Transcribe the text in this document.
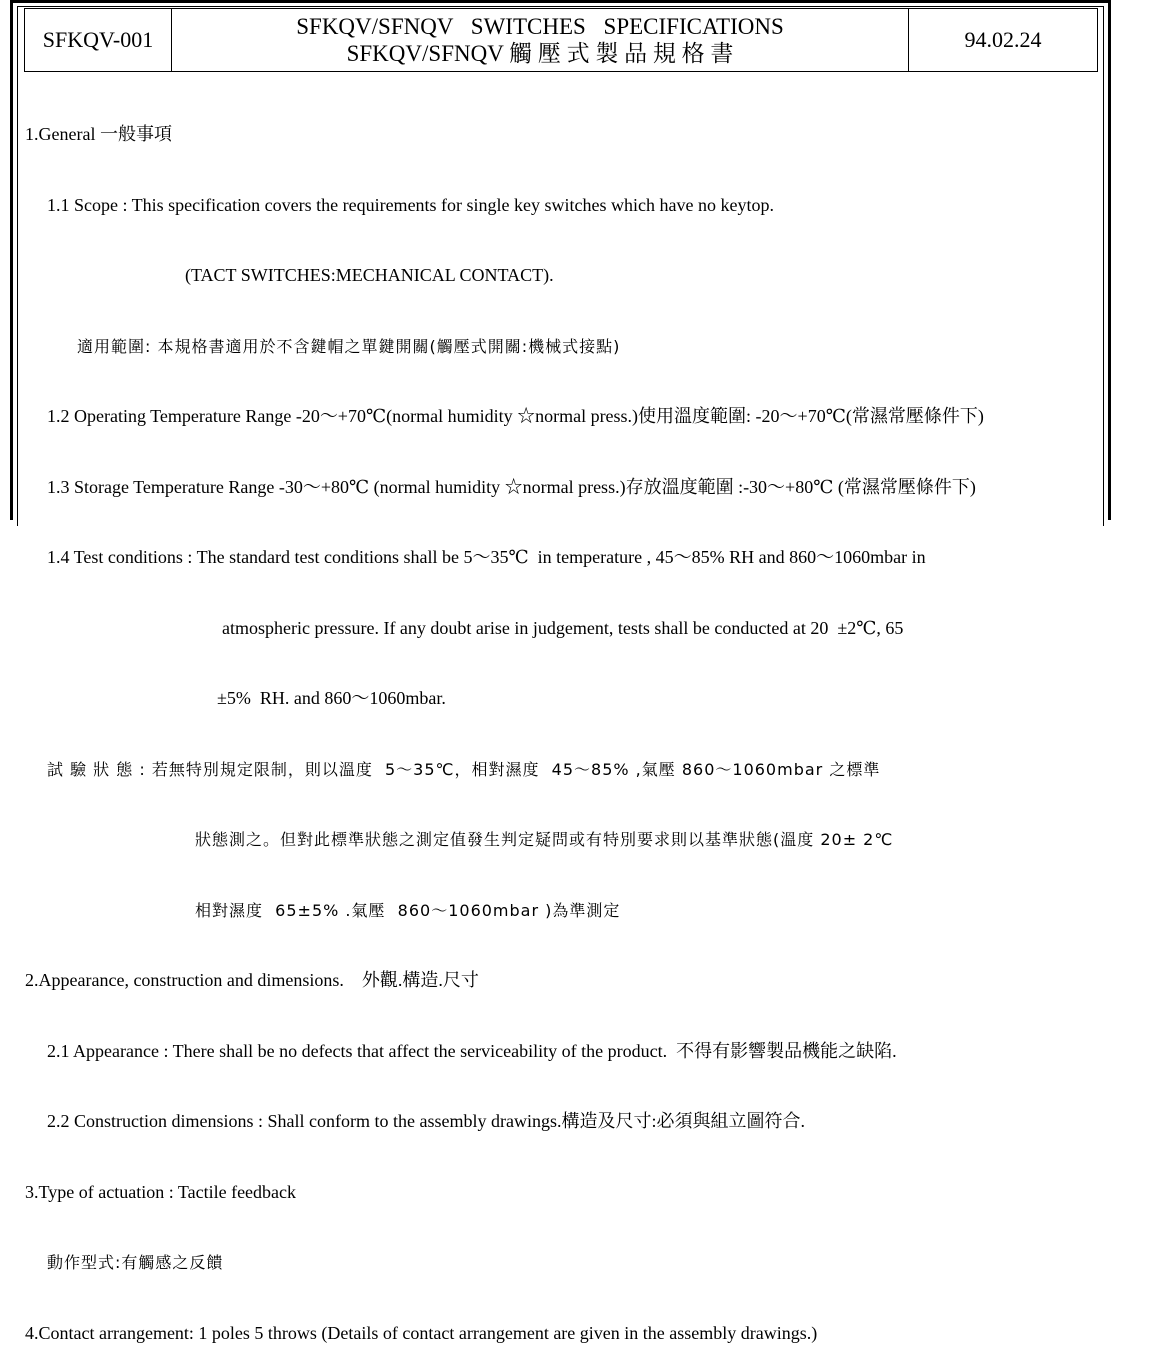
SFKQV-001
SFKQV/SFNQV SWITCHES SPECIFICATIONS
SFKQV/SFNQV 觸 壓 式 製 品 規 格 書
94.02.24

1.General 一般事項

1.1 Scope : This specification covers the requirements for single key switches which have no keytop.

(TACT SWITCHES:MECHANICAL CONTACT).

適用範圍: 本規格書適用於不含鍵帽之單鍵開關(觸壓式開關:機械式接點)

1.2 Operating Temperature Range -20～+70℃(normal humidity ☆normal press.)使用溫度範圍: -20～+70℃(常濕常壓條件下)

1.3 Storage Temperature Range -30～+80℃ (normal humidity ☆normal press.)存放溫度範圍 :-30～+80℃ (常濕常壓條件下)

1.4 Test conditions : The standard test conditions shall be 5～35℃  in temperature , 45～85% RH and 860～1060mbar in

atmospheric pressure. If any doubt arise in judgement, tests shall be conducted at 20  ±2℃, 65

±5%  RH. and 860～1060mbar.

試 驗 狀 態 : 若無特別規定限制，則以溫度  5～35℃，相對濕度  45～85% ,氣壓 860～1060mbar 之標準

狀態測之。但對此標準狀態之測定值發生判定疑問或有特別要求則以基準狀態(溫度 20± 2℃

相對濕度  65±5% .氣壓  860～1060mbar )為準測定

2.Appearance, construction and dimensions.    外觀.構造.尺寸

2.1 Appearance : There shall be no defects that affect the serviceability of the product.  不得有影響製品機能之缺陷.

2.2 Construction dimensions : Shall conform to the assembly drawings.構造及尺寸:必須與組立圖符合.

3.Type of actuation : Tactile feedback

動作型式:有觸感之反饋

4.Contact arrangement: 1 poles 5 throws (Details of contact arrangement are given in the assembly drawings.)
